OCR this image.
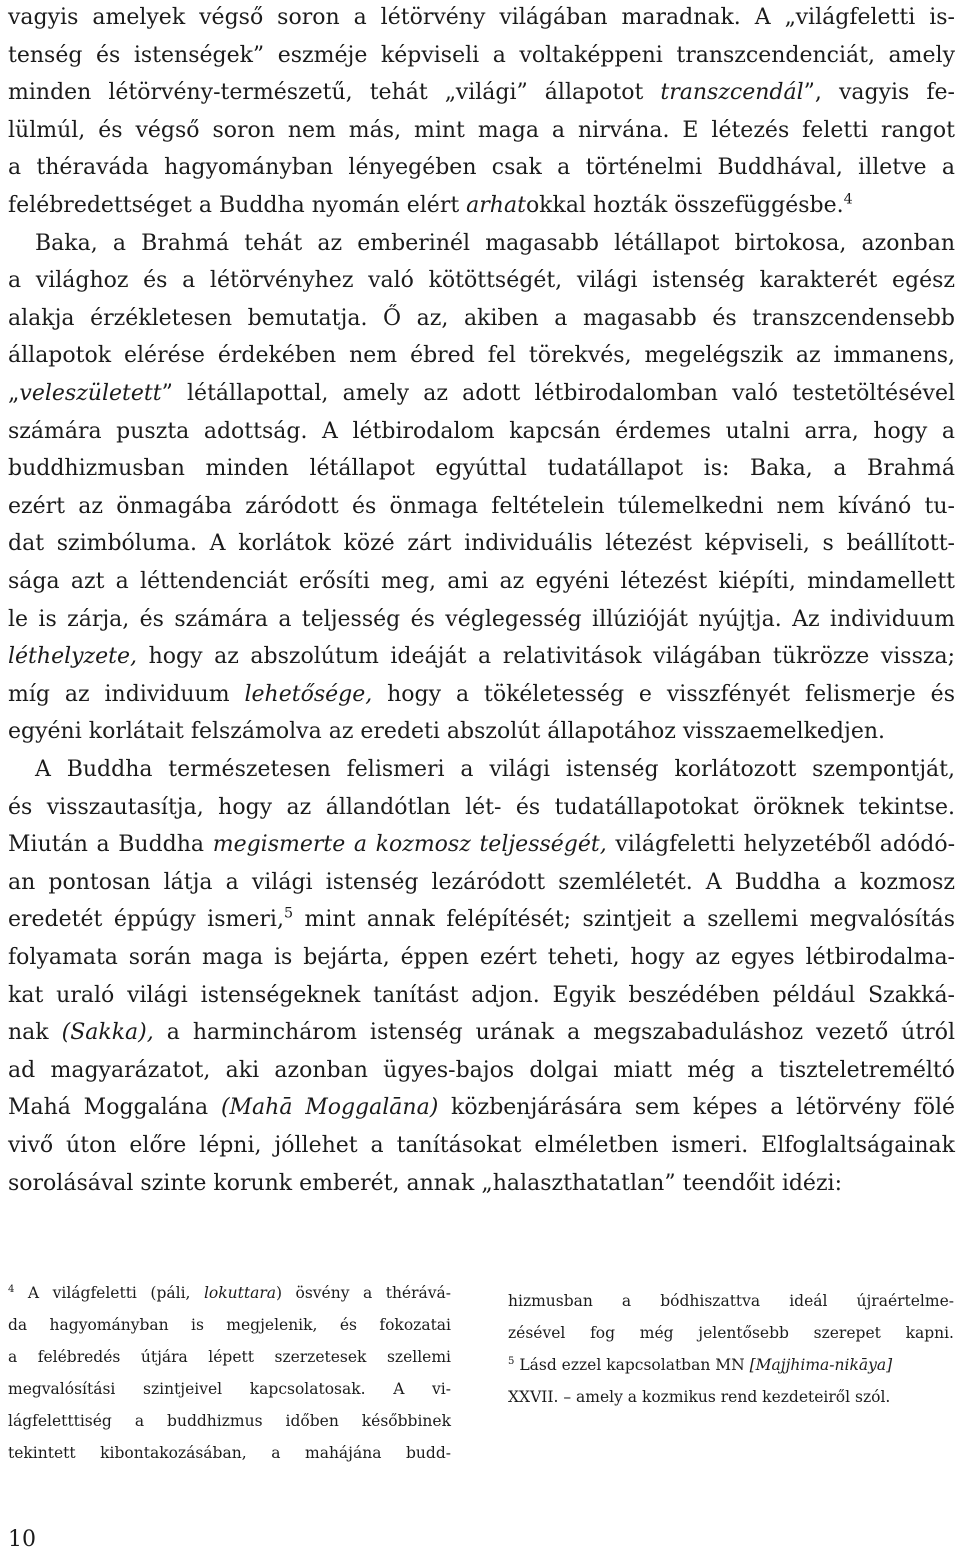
vagyis amelyek végső soron a létörvény világában maradnak. A „világfeletti is-
tenség és istenségek” eszméje képviseli a voltaképpeni transzcendenciát, amely
minden létörvény-természetű, tehát „világi” állapotot transzcendál”, vagyis fe-
lülmúl, és végső soron nem más, mint maga a nirvána. E létezés feletti rangot
a théraváda hagyományban lényegében csak a történelmi Buddhával, illetve a
felébredettséget a Buddha nyomán elért arhatokkal hozták összefüggésbe.$^4$
Baka, a Brahmá tehát az emberinél magasabb létállapot birtokosa, azonban
a világhoz és a létörvényhez való kötöttségét, világi istenség karakterét egész
alakja érzékletesen bemutatja. Ő az, akiben a magasabb és transzcendensebb
állapotok elérése érdekében nem ébred fel törekvés, megelégszik az immanens,
„veleszületett” létállapottal, amely az adott létbirodalomban való testetöltésével
számára puszta adottság. A létbirodalom kapcsán érdemes utalni arra, hogy a
buddhizmusban minden létállapot egyúttal tudatállapot is: Baka, a Brahmá
ezért az önmagába záródott és önmaga feltételein túlemelkedni nem kívánó tu-
dat szimbóluma. A korlátok közé zárt individuális létezést képviseli, s beállított-
sága azt a léttendenciát erősíti meg, ami az egyéni létezést kiépíti, mindamellett
le is zárja, és számára a teljesség és véglegesség illúzióját nyújtja. Az individuum
léthelyzete, hogy az abszolútum ideáját a relativitások világában tükrözze vissza;
míg az individuum lehetősége, hogy a tökéletesség e visszfényét felismerje és
egyéni korlátait felszámolva az eredeti abszolút állapotához visszaemelkedjen.
A Buddha természetesen felismeri a világi istenség korlátozott szempontját,
és visszautasítja, hogy az állandótlan lét- és tudatállapotokat öröknek tekintse.
Miután a Buddha megismerte a kozmosz teljességét, világfeletti helyzetéből adódó-
an pontosan látja a világi istenség lezáródott szemléletét. A Buddha a kozmosz
eredetét éppúgy ismeri,$^5$ mint annak felépítését; szintjeit a szellemi megvalósítás
folyamata során maga is bejárta, éppen ezért teheti, hogy az egyes létbirodalma-
kat uraló világi istenségeknek tanítást adjon. Egyik beszédében például Szakká-
nak (Sakka), a harminchárom istenség urának a megszabaduláshoz vezető útról
ad magyarázatot, aki azonban ügyes-bajos dolgai miatt még a tiszteletreméltó
Mahá Moggalána (Mahā Moggalāna) közbenjárására sem képes a létörvény fölé
vivő úton előre lépni, jóllehet a tanításokat elméletben ismeri. Elfoglaltságainak
sorolásával szinte korunk emberét, annak „halaszthatatlan” teendőit idézi:
$^4$ A világfeletti (páli, lokuttara) ösvény a thérává-
da hagyományban is megjelenik, és fokozatai
a felébredés útjára lépett szerzetesek szellemi
megvalósítási szintjeivel kapcsolatosak. A vi-
lágfeletttiség a buddhizmus időben későbbinek
tekintett kibontakozásában, a mahájána budd-
hizmusban a bódhiszattva ideál újraértelme-
zésével fog még jelentősebb szerepet kapni.
$^5$ Lásd ezzel kapcsolatban MN [Majjhima-nikāya]
XXVII. – amely a kozmikus rend kezdeteiről szól.
10
